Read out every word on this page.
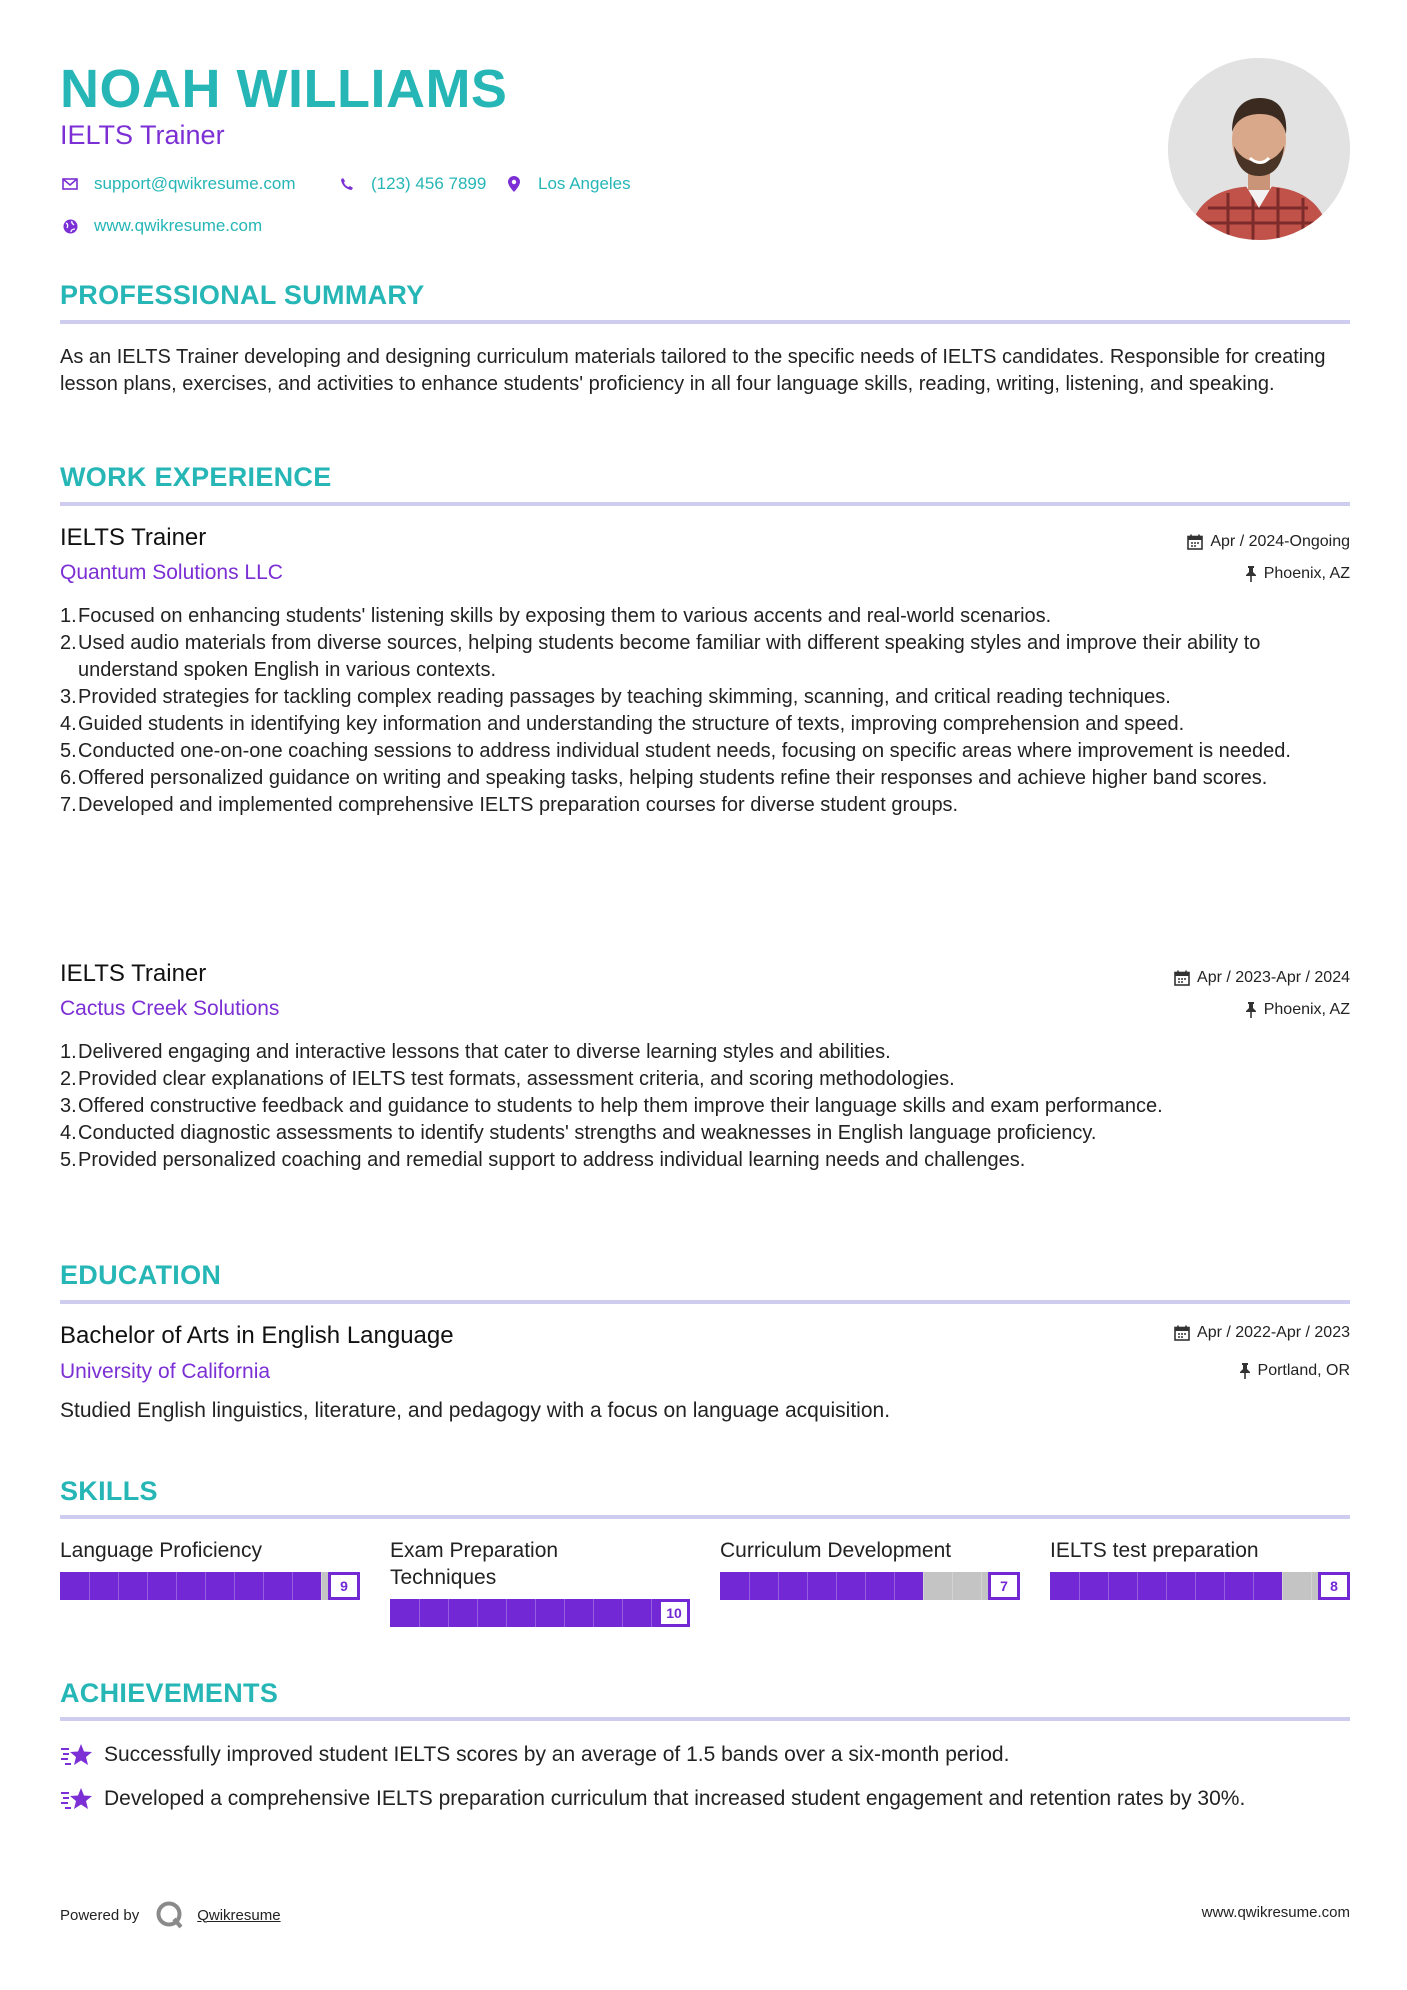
NOAH WILLIAMS
IELTS Trainer
support@qwikresume.com	(123) 456 7899	Los Angeles
www.qwikresume.com
PROFESSIONAL SUMMARY
As an IELTS Trainer developing and designing curriculum materials tailored to the specific needs of IELTS candidates. Responsible for creating lesson plans, exercises, and activities to enhance students' proficiency in all four language skills, reading, writing, listening, and speaking.
WORK EXPERIENCE
IELTS Trainer
Quantum Solutions LLC
Apr / 2024-Ongoing
Phoenix, AZ
1. Focused on enhancing students' listening skills by exposing them to various accents and real-world scenarios.
2. Used audio materials from diverse sources, helping students become familiar with different speaking styles and improve their ability to understand spoken English in various contexts.
3. Provided strategies for tackling complex reading passages by teaching skimming, scanning, and critical reading techniques.
4. Guided students in identifying key information and understanding the structure of texts, improving comprehension and speed.
5. Conducted one-on-one coaching sessions to address individual student needs, focusing on specific areas where improvement is needed.
6. Offered personalized guidance on writing and speaking tasks, helping students refine their responses and achieve higher band scores.
7. Developed and implemented comprehensive IELTS preparation courses for diverse student groups.
IELTS Trainer
Cactus Creek Solutions
Apr / 2023-Apr / 2024
Phoenix, AZ
1. Delivered engaging and interactive lessons that cater to diverse learning styles and abilities.
2. Provided clear explanations of IELTS test formats, assessment criteria, and scoring methodologies.
3. Offered constructive feedback and guidance to students to help them improve their language skills and exam performance.
4. Conducted diagnostic assessments to identify students' strengths and weaknesses in English language proficiency.
5. Provided personalized coaching and remedial support to address individual learning needs and challenges.
EDUCATION
Bachelor of Arts in English Language
University of California
Apr / 2022-Apr / 2023
Portland, OR
Studied English linguistics, literature, and pedagogy with a focus on language acquisition.
SKILLS
Language Proficiency
9
Exam Preparation Techniques
10
Curriculum Development
7
IELTS test preparation
8
ACHIEVEMENTS
Successfully improved student IELTS scores by an average of 1.5 bands over a six-month period.
Developed a comprehensive IELTS preparation curriculum that increased student engagement and retention rates by 30%.
Powered by	Qwikresume	www.qwikresume.com
